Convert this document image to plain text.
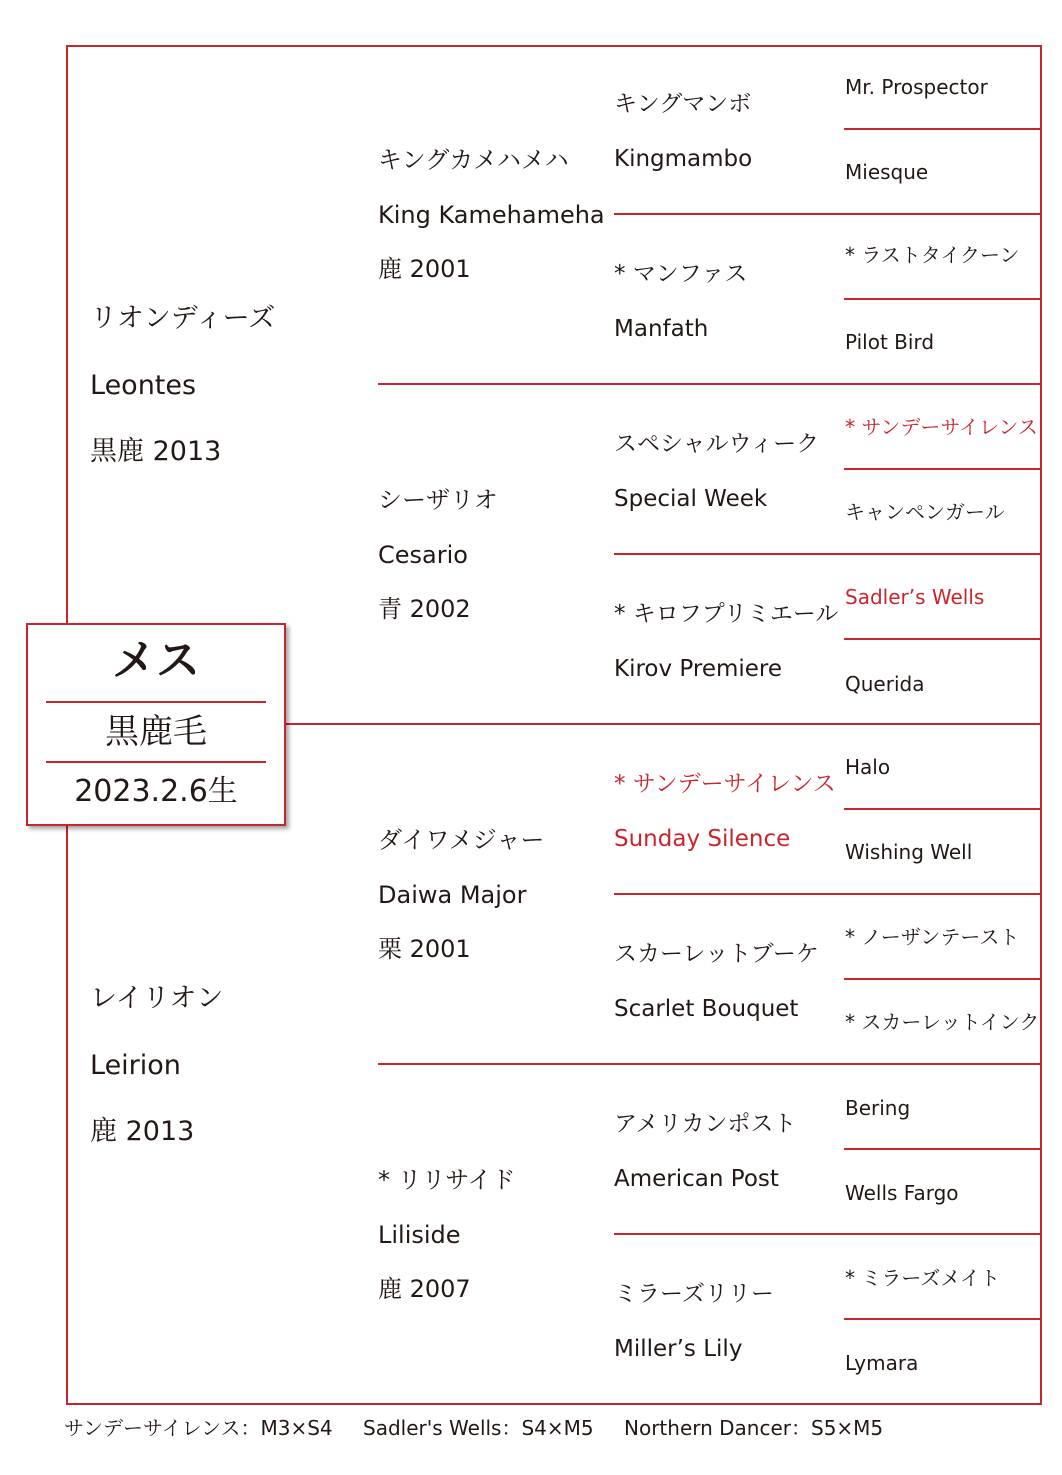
リオンディーズ
Leontes
黒鹿 2013
レイリオン
Leirion
鹿 2013
キングカメハメハ
King Kamehameha
鹿 2001
シーザリオ
Cesario
青 2002
ダイワメジャー
Daiwa Major
栗 2001
* リリサイド
Liliside
鹿 2007
キングマンボ
Kingmambo
* マンファス
Manfath
スペシャルウィーク
Special Week
* キロフプリミエール
Kirov Premiere
* サンデーサイレンス
Sunday Silence
スカーレットブーケ
Scarlet Bouquet
アメリカンポスト
American Post
ミラーズリリー
Miller’s Lily
Mr. Prospector
Miesque
* ラストタイクーン
Pilot Bird
* サンデーサイレンス
キャンペンガール
Sadler’s Wells
Querida
Halo
Wishing Well
* ノーザンテースト
* スカーレットインク
Bering
Wells Fargo
* ミラーズメイト
Lymara
メス
黒鹿毛
2023.2.6生
サンデーサイレンス：M3×S4 Sadler's Wells：S4×M5 Northern Dancer：S5×M5
